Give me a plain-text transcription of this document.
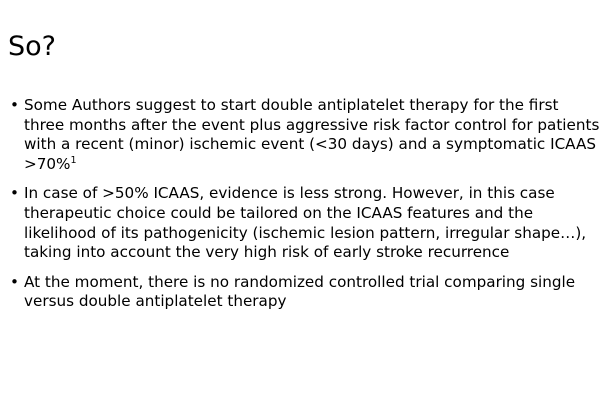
So?
• Some Authors suggest to start double antiplatelet therapy for the first three months after the event plus aggressive risk factor control for patients with a recent (minor) ischemic event (<30 days) and a symptomatic ICAAS >70%$^1$
• In case of >50% ICAAS, evidence is less strong. However, in this case therapeutic choice could be tailored on the ICAAS features and the likelihood of its pathogenicity (ischemic lesion pattern, irregular shape…), taking into account the very high risk of early stroke recurrence
• At the moment, there is no randomized controlled trial comparing single versus double antiplatelet therapy
